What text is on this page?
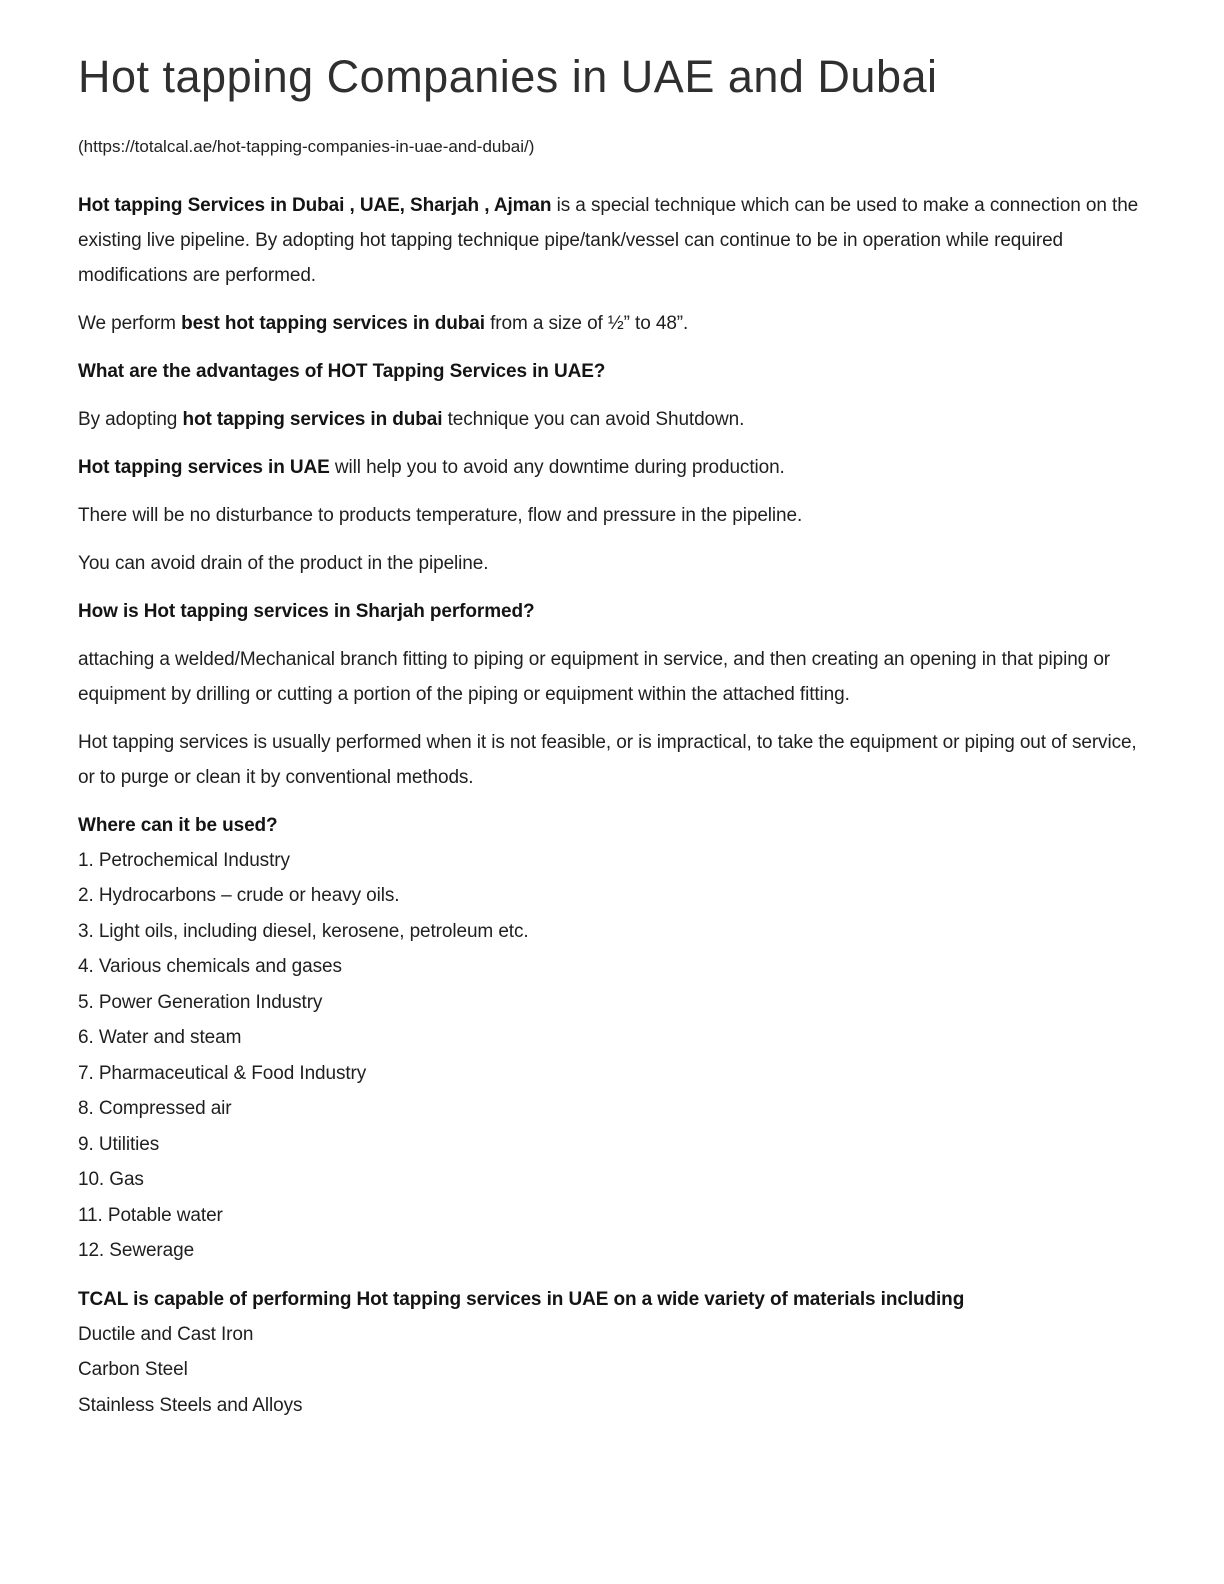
Hot tapping Companies in UAE and Dubai
(https://totalcal.ae/hot-tapping-companies-in-uae-and-dubai/)

Hot tapping Services in Dubai , UAE, Sharjah , Ajman is a special technique which can be used to make a connection on the existing live pipeline. By adopting hot tapping technique pipe/tank/vessel can continue to be in operation while required modifications are performed.

We perform best hot tapping services in dubai from a size of ½” to 48”.

What are the advantages of HOT Tapping Services in UAE?

By adopting hot tapping services in dubai technique you can avoid Shutdown.

Hot tapping services in UAE will help you to avoid any downtime during production.

There will be no disturbance to products temperature, flow and pressure in the pipeline.

You can avoid drain of the product in the pipeline.

How is Hot tapping services in Sharjah performed?

attaching a welded/Mechanical branch fitting to piping or equipment in service, and then creating an opening in that piping or equipment by drilling or cutting a portion of the piping or equipment within the attached fitting.

Hot tapping services is usually performed when it is not feasible, or is impractical, to take the equipment or piping out of service, or to purge or clean it by conventional methods.

Where can it be used?

1. Petrochemical Industry
2. Hydrocarbons – crude or heavy oils.
3. Light oils, including diesel, kerosene, petroleum etc.
4. Various chemicals and gases
5. Power Generation Industry
6. Water and steam
7. Pharmaceutical & Food Industry
8. Compressed air
9. Utilities
10. Gas
11. Potable water
12. Sewerage

TCAL is capable of performing Hot tapping services in UAE on a wide variety of materials including

Ductile and Cast Iron
Carbon Steel
Stainless Steels and Alloys
